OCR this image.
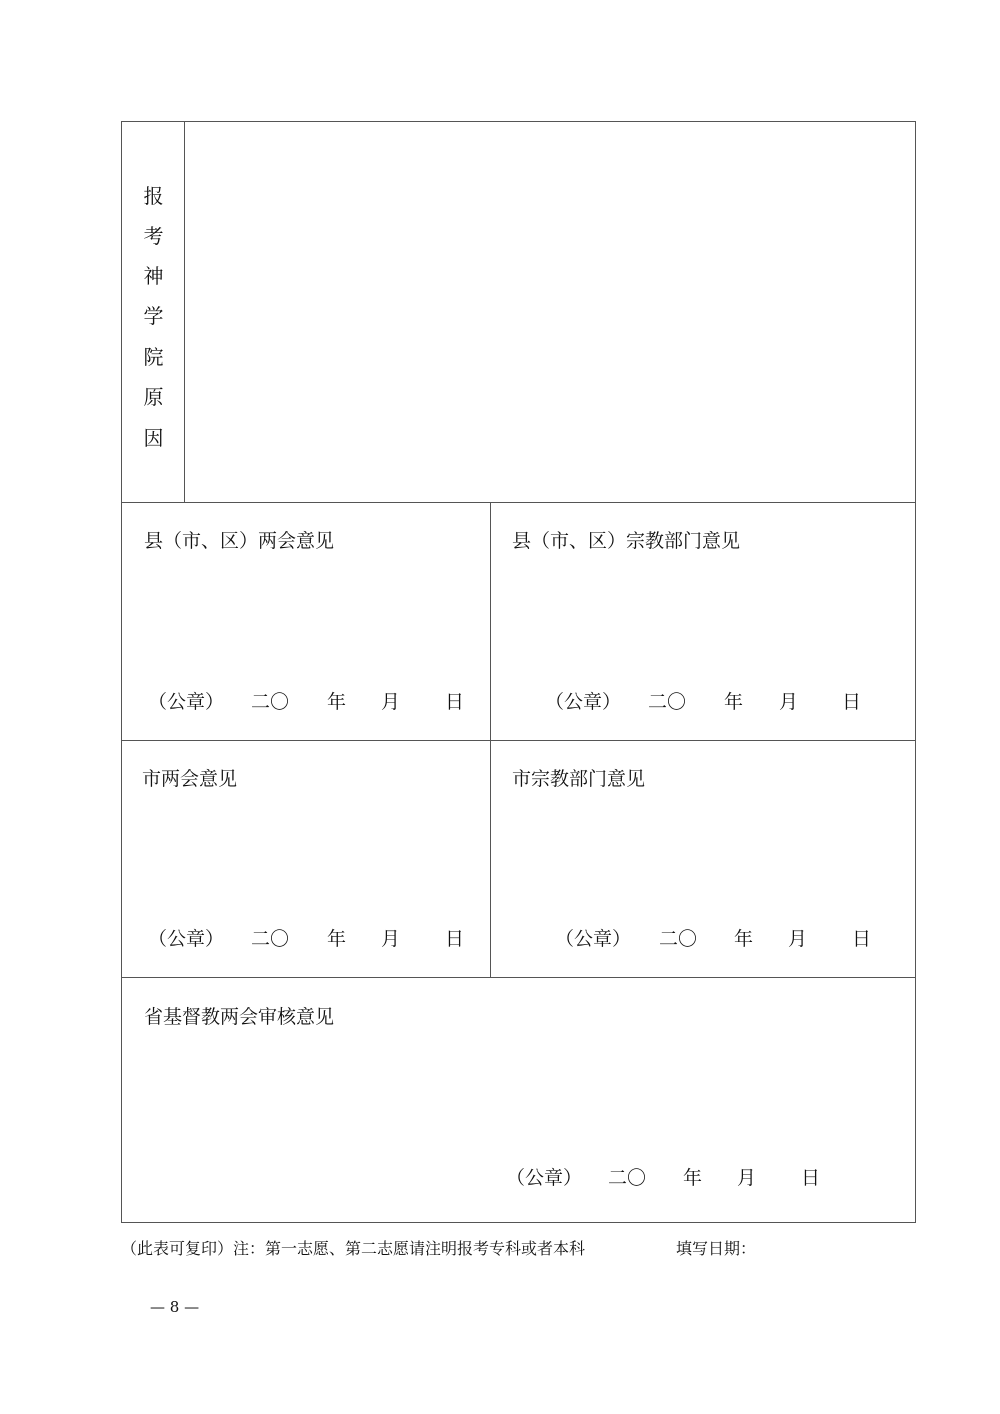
报
考
神
学
院
原
因
县（市、区）两会意见
（公章） 二〇 年 月 日
县（市、区）宗教部门意见
（公章） 二〇 年 月 日
市两会意见
（公章） 二〇 年 月 日
市宗教部门意见
（公章） 二〇 年 月 日
省基督教两会审核意见
（公章） 二〇 年 月 日
（此表可复印）注：第一志愿、第二志愿请注明报考专科或者本科	填写日期：
— 8 —
